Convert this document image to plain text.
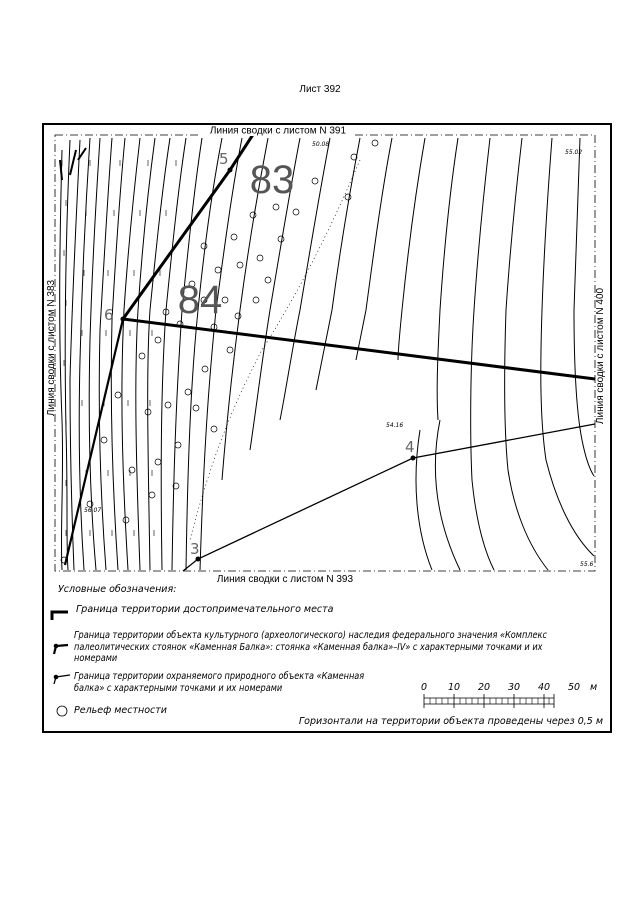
Лист 392
Линия сводки с листом N 391
Линия сводки с листом N 393
Линия сводки с листом N 383	Линия сводки с листом N 400
83
84
5
6
3
4
50.08
55.02
54.16
55.6
56.07
Условные обозначения:
Граница территории достопримечательного места
Граница территории объекта культурного (археологического) наследия федерального значения «Комплекс палеолитических стоянок «Каменная Балка»: стоянка «Каменная балка»–IV» с характерными точками и их номерами
Граница территории охраняемого природного объекта «Каменная балка» с характерными точками и их номерами
Рельеф местности
0 10 20 30 40 50 м
Горизонтали на территории объекта проведены через 0,5 м
